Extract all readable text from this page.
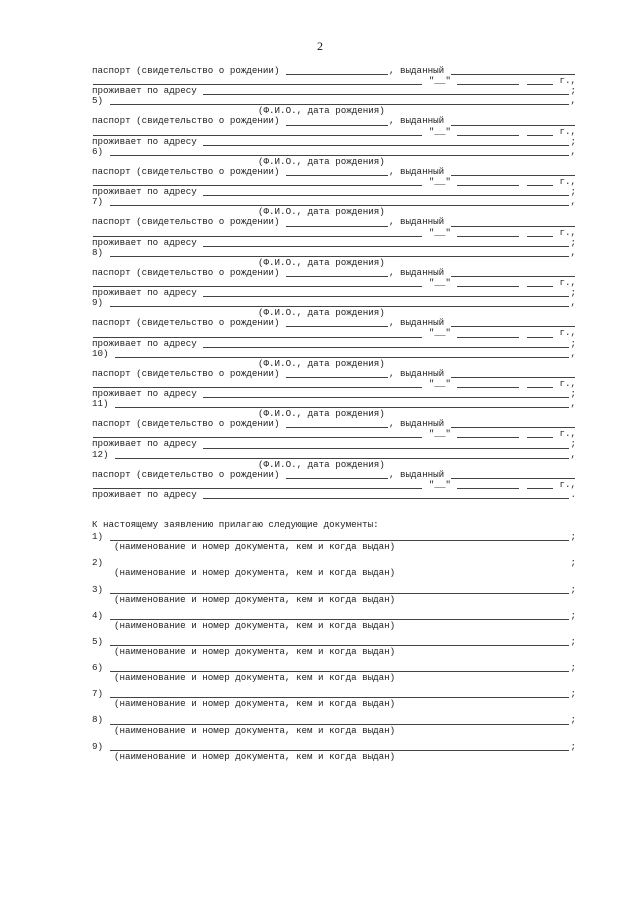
2
паспорт (свидетельство о рождении)
	, выданный

"__"

	г.,
проживает по адресу
	;
5)
	,
(Ф.И.О., дата рождения)
паспорт (свидетельство о рождении)
	, выданный

"__"

	г.,
проживает по адресу
	;
6)
	,
(Ф.И.О., дата рождения)
паспорт (свидетельство о рождении)
	, выданный

"__"

	г.,
проживает по адресу
	;
7)
	,
(Ф.И.О., дата рождения)
паспорт (свидетельство о рождении)
	, выданный

"__"

	г.,
проживает по адресу
	;
8)
	,
(Ф.И.О., дата рождения)
паспорт (свидетельство о рождении)
	, выданный

"__"

	г.,
проживает по адресу
	;
9)
	,
(Ф.И.О., дата рождения)
паспорт (свидетельство о рождении)
	, выданный

"__"

	г.,
проживает по адресу
	;
10)
	,
(Ф.И.О., дата рождения)
паспорт (свидетельство о рождении)
	, выданный

"__"

	г.,
проживает по адресу
	;
11)
	,
(Ф.И.О., дата рождения)
паспорт (свидетельство о рождении)
	, выданный

"__"

	г.,
проживает по адресу
	;
12)
	,
(Ф.И.О., дата рождения)
паспорт (свидетельство о рождении)
	, выданный

"__"

	г.,
проживает по адресу
	.
К настоящему заявлению прилагаю следующие документы:
1)
	;
(наименование и номер документа, кем и когда выдан)
2)
	;
(наименование и номер документа, кем и когда выдан)
3)
	;
(наименование и номер документа, кем и когда выдан)
4)
	;
(наименование и номер документа, кем и когда выдан)
5)
	;
(наименование и номер документа, кем и когда выдан)
6)
	;
(наименование и номер документа, кем и когда выдан)
7)
	;
(наименование и номер документа, кем и когда выдан)
8)
	;
(наименование и номер документа, кем и когда выдан)
9)
	;
(наименование и номер документа, кем и когда выдан)
